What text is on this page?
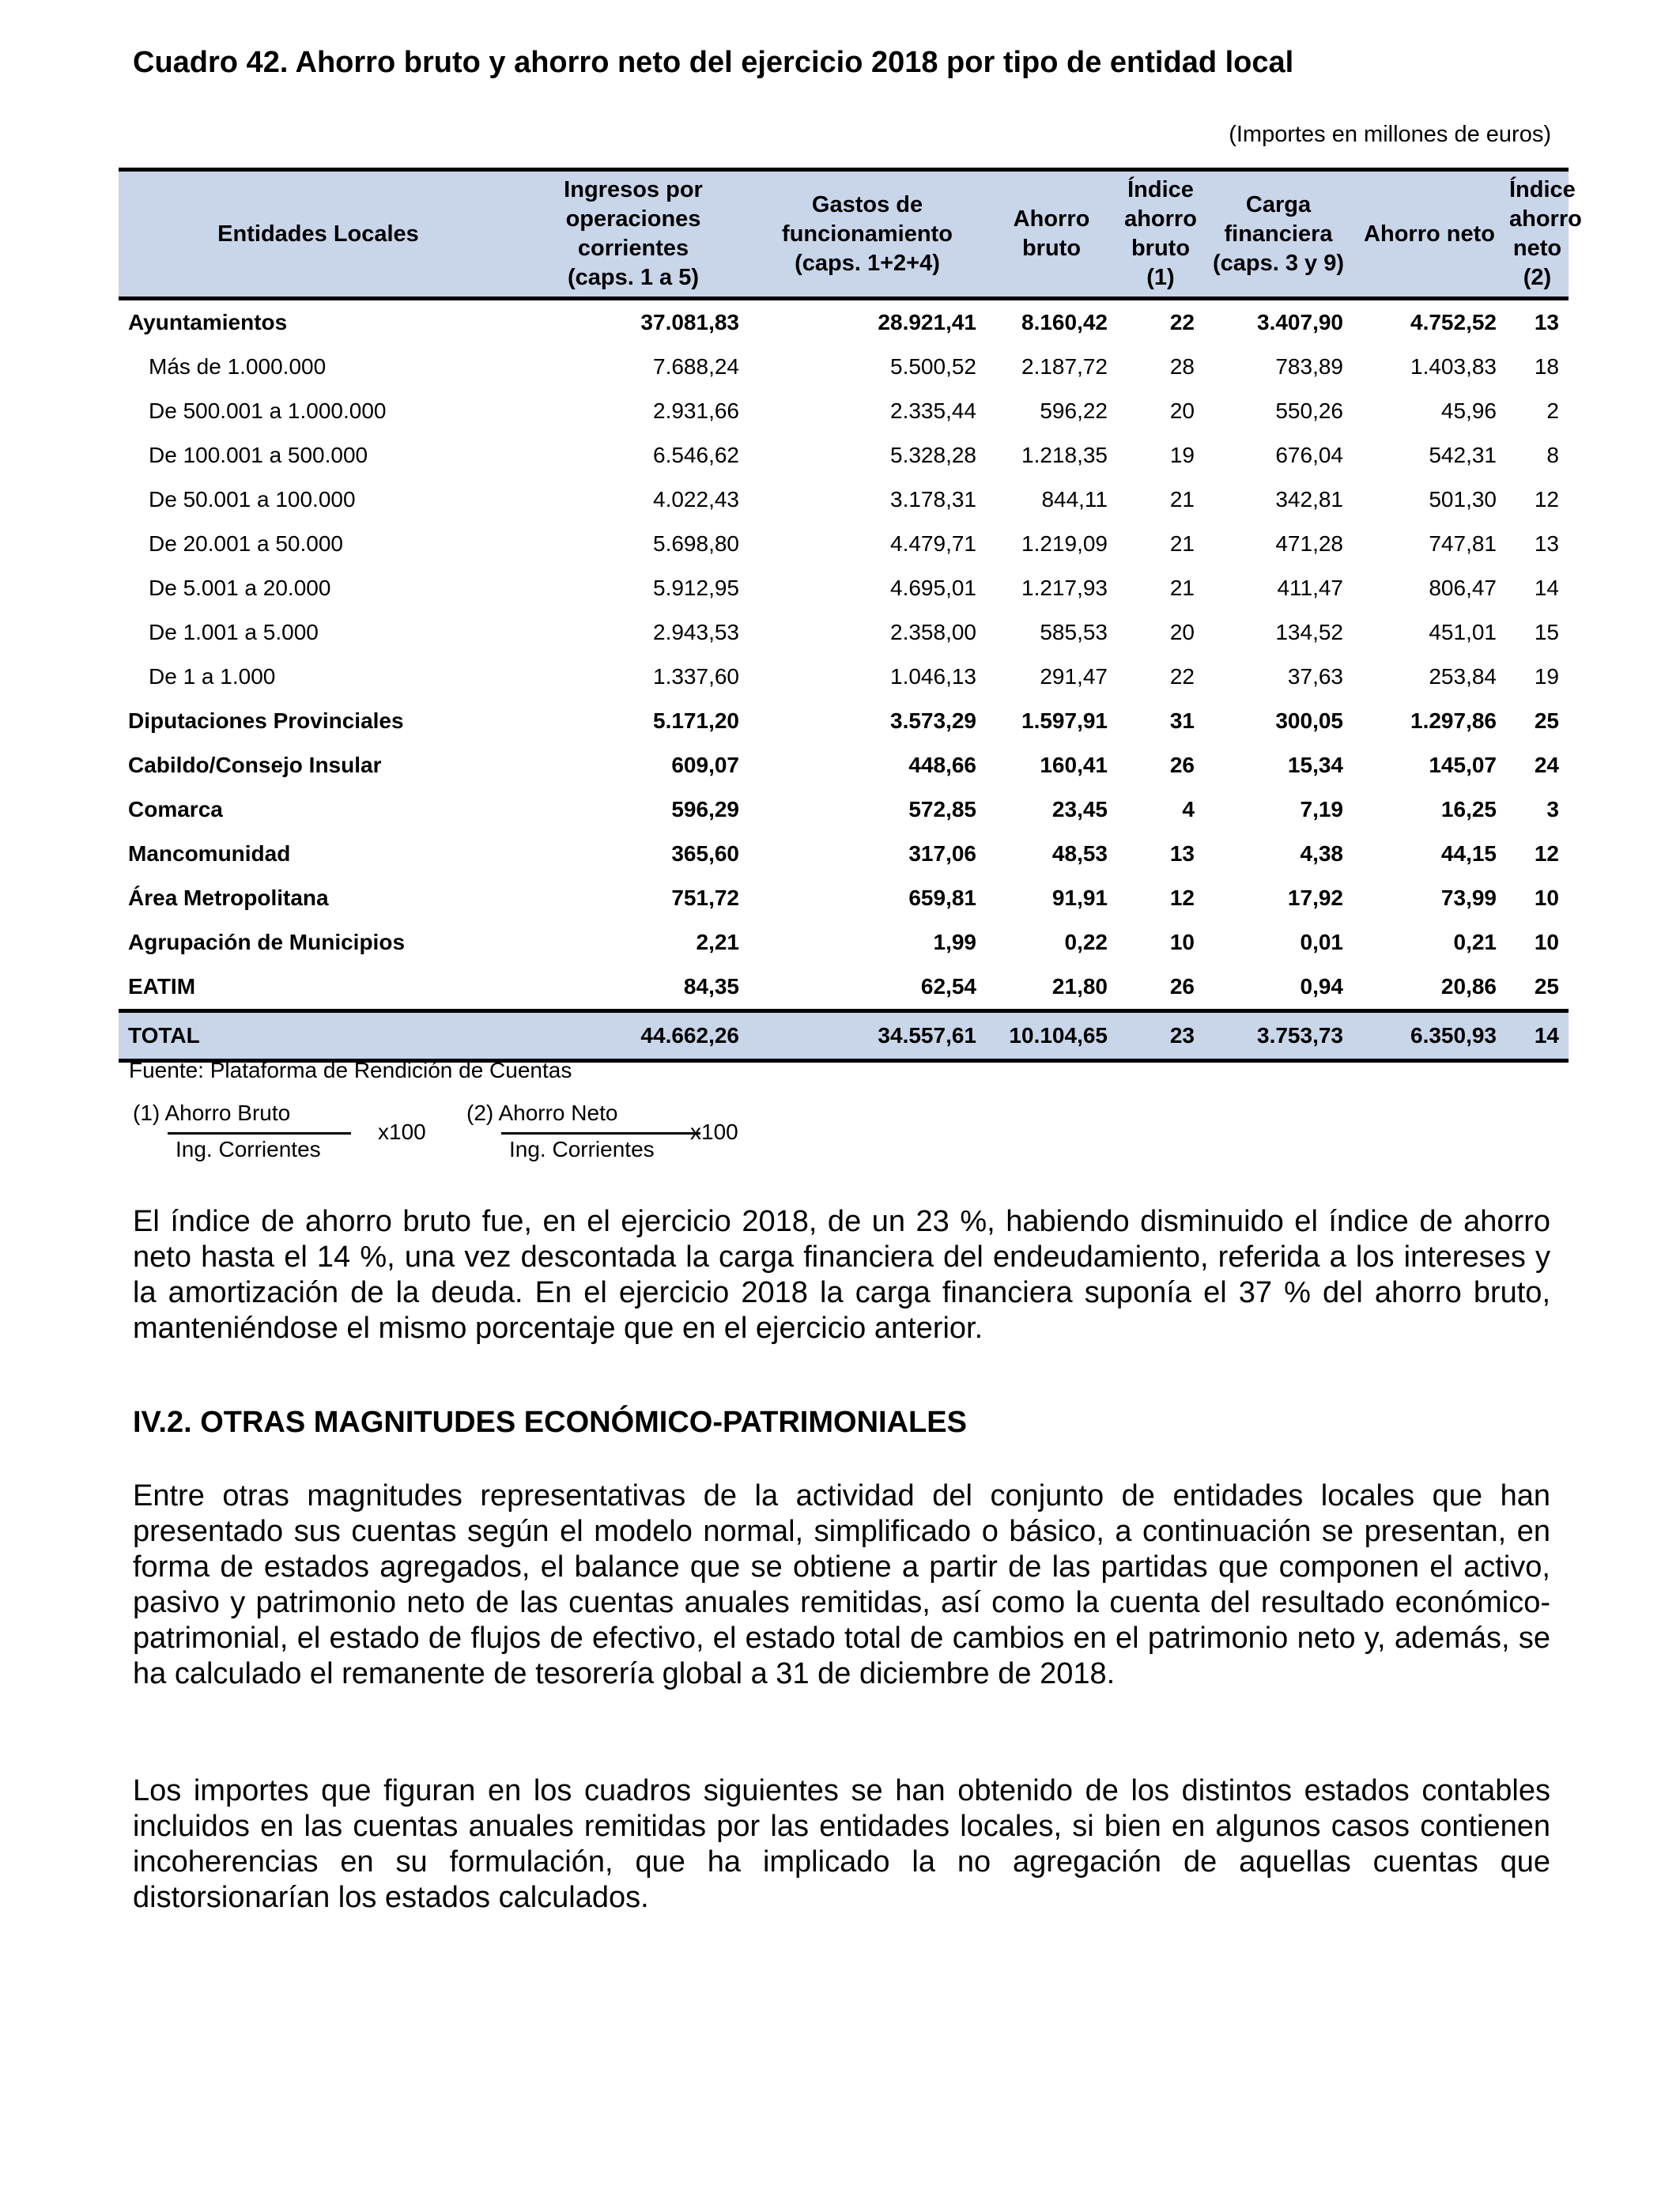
Cuadro 42. Ahorro bruto y ahorro neto del ejercicio 2018 por tipo de entidad local
(Importes en millones de euros)
Entidades Locales	Ingresos por
operaciones
corrientes
(caps. 1 a 5)	Gastos de
funcionamiento
(caps. 1+2+4)	Ahorro bruto	Índice
ahorro
bruto
(1)	Carga
financiera
(caps. 3 y 9)	Ahorro neto	Índice
ahorro
neto
(2)
Ayuntamientos	37.081,83	28.921,41	8.160,42	22	3.407,90	4.752,52	13
Más de 1.000.000	7.688,24	5.500,52	2.187,72	28	783,89	1.403,83	18
De 500.001 a 1.000.000	2.931,66	2.335,44	596,22	20	550,26	45,96	2
De 100.001 a 500.000	6.546,62	5.328,28	1.218,35	19	676,04	542,31	8
De 50.001 a 100.000	4.022,43	3.178,31	844,11	21	342,81	501,30	12
De 20.001 a 50.000	5.698,80	4.479,71	1.219,09	21	471,28	747,81	13
De 5.001 a 20.000	5.912,95	4.695,01	1.217,93	21	411,47	806,47	14
De 1.001 a 5.000	2.943,53	2.358,00	585,53	20	134,52	451,01	15
De 1 a 1.000	1.337,60	1.046,13	291,47	22	37,63	253,84	19
Diputaciones Provinciales	5.171,20	3.573,29	1.597,91	31	300,05	1.297,86	25
Cabildo/Consejo Insular	609,07	448,66	160,41	26	15,34	145,07	24
Comarca	596,29	572,85	23,45	4	7,19	16,25	3
Mancomunidad	365,60	317,06	48,53	13	4,38	44,15	12
Área Metropolitana	751,72	659,81	91,91	12	17,92	73,99	10
Agrupación de Municipios	2,21	1,99	0,22	10	0,01	0,21	10
EATIM	84,35	62,54	21,80	26	0,94	20,86	25
TOTAL	44.662,26	34.557,61	10.104,65	23	3.753,73	6.350,93	14
Fuente: Plataforma de Rendición de Cuentas
(1) Ahorro Bruto
Ing. Corrientes
x100
(2) Ahorro Neto
Ing. Corrientes
x100
El índice de ahorro bruto fue, en el ejercicio 2018, de un 23 %, habiendo disminuido el índice de ahorro neto hasta el 14 %, una vez descontada la carga financiera del endeudamiento, referida a los intereses y la amortización de la deuda. En el ejercicio 2018 la carga financiera suponía el 37 % del ahorro bruto, manteniéndose el mismo porcentaje que en el ejercicio anterior.
IV.2. OTRAS MAGNITUDES ECONÓMICO-PATRIMONIALES
Entre otras magnitudes representativas de la actividad del conjunto de entidades locales que han presentado sus cuentas según el modelo normal, simplificado o básico, a continuación se presentan, en forma de estados agregados, el balance que se obtiene a partir de las partidas que componen el activo, pasivo y patrimonio neto de las cuentas anuales remitidas, así como la cuenta del resultado económico-patrimonial, el estado de flujos de efectivo, el estado total de cambios en el patrimonio neto y, además, se ha calculado el remanente de tesorería global a 31 de diciembre de 2018.
Los importes que figuran en los cuadros siguientes se han obtenido de los distintos estados contables incluidos en las cuentas anuales remitidas por las entidades locales, si bien en algunos casos contienen incoherencias en su formulación, que ha implicado la no agregación de aquellas cuentas que distorsionarían los estados calculados.
